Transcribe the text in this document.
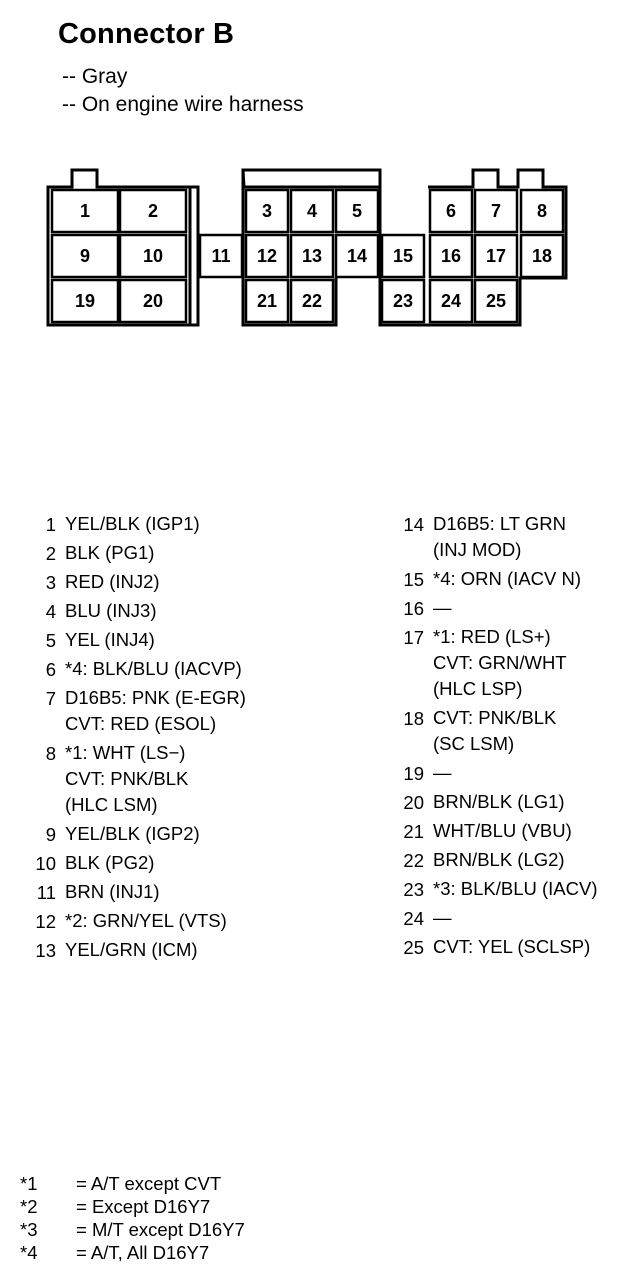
Connector B
-- Gray
-- On engine wire harness
1	2	3 4 5	6 7 8
9	10	11 12 13 14 15 16 17 18
19	20	21 22	23 24 25
1 YEL/BLK (IGP1)
2 BLK (PG1)
3 RED (INJ2)
4 BLU (INJ3)
5 YEL (INJ4)
6 *4: BLK/BLU (IACVP)
7 D16B5: PNK (E-EGR)
CVT: RED (ESOL)
8 *1: WHT (LS−)
CVT: PNK/BLK
(HLC LSM)
9 YEL/BLK (IGP2)
10 BLK (PG2)
11 BRN (INJ1)
12 *2: GRN/YEL (VTS)
13 YEL/GRN (ICM)
14 D16B5: LT GRN
(INJ MOD)
15 *4: ORN (IACV N)
16 —
17 *1: RED (LS+)
CVT: GRN/WHT
(HLC LSP)
18 CVT: PNK/BLK
(SC LSM)
19 —
20 BRN/BLK (LG1)
21 WHT/BLU (VBU)
22 BRN/BLK (LG2)
23 *3: BLK/BLU (IACV)
24 —
25 CVT: YEL (SCLSP)
*1	= A/T except CVT
*2	= Except D16Y7
*3	= M/T except D16Y7
*4	= A/T, All D16Y7
